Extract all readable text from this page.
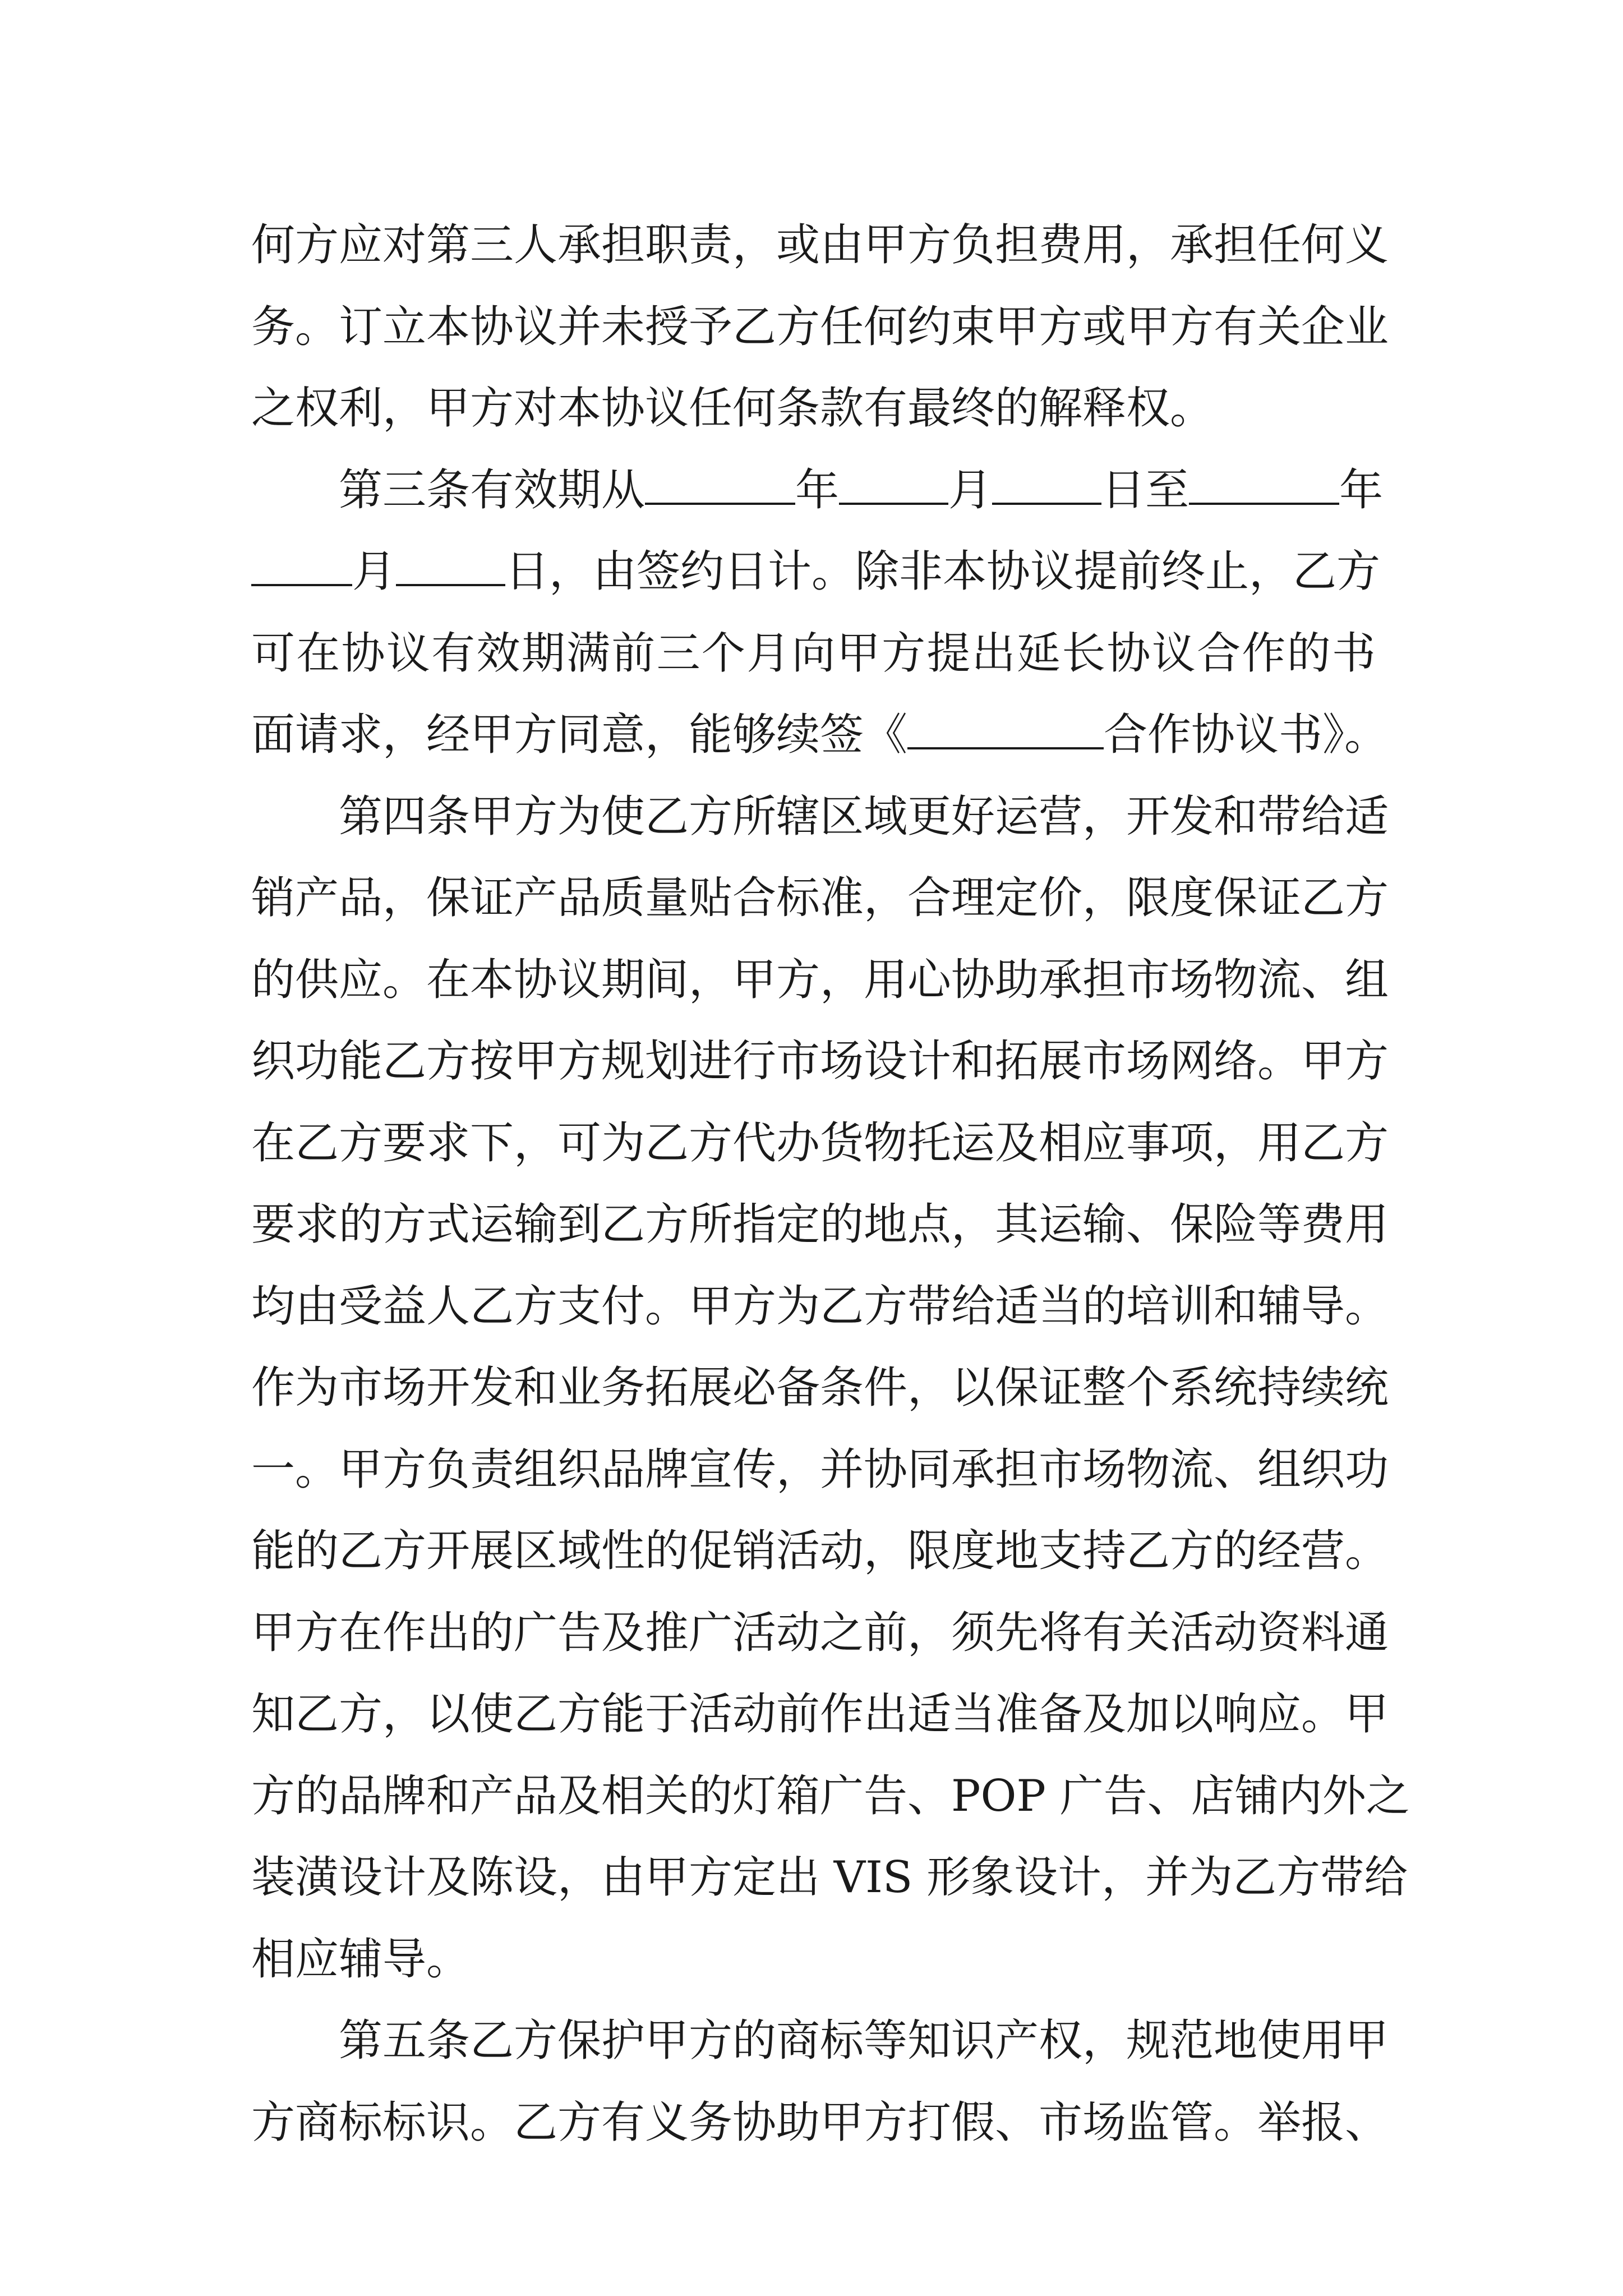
何方应对第三人承担职责，或由甲方负担费用，承担任何义
务。订立本协议并未授予乙方任何约束甲方或甲方有关企业
之权利，甲方对本协议任何条款有最终的解释权。
第三条有效期从	年	月	日至	年
月	日，由签约日计。除非本协议提前终止，乙方
可在协议有效期满前三个月向甲方提出延长协议合作的书
面请求，经甲方同意，能够续签《	合作协议书》。
第四条甲方为使乙方所辖区域更好运营，开发和带给适
销产品，保证产品质量贴合标准，合理定价，限度保证乙方
的供应。在本协议期间，甲方，用心协助承担市场物流、组
织功能乙方按甲方规划进行市场设计和拓展市场网络。甲方
在乙方要求下，可为乙方代办货物托运及相应事项，用乙方
要求的方式运输到乙方所指定的地点，其运输、保险等费用
均由受益人乙方支付。甲方为乙方带给适当的培训和辅导。
作为市场开发和业务拓展必备条件，以保证整个系统持续统
一。甲方负责组织品牌宣传，并协同承担市场物流、组织功
能的乙方开展区域性的促销活动，限度地支持乙方的经营。
甲方在作出的广告及推广活动之前，须先将有关活动资料通
知乙方，以使乙方能于活动前作出适当准备及加以响应。甲
方的品牌和产品及相关的灯箱广告、POP 广告、店铺内外之
装潢设计及陈设，由甲方定出 VIS 形象设计，并为乙方带给
相应辅导。
第五条乙方保护甲方的商标等知识产权，规范地使用甲
方商标标识。乙方有义务协助甲方打假、市场监管。举报、
